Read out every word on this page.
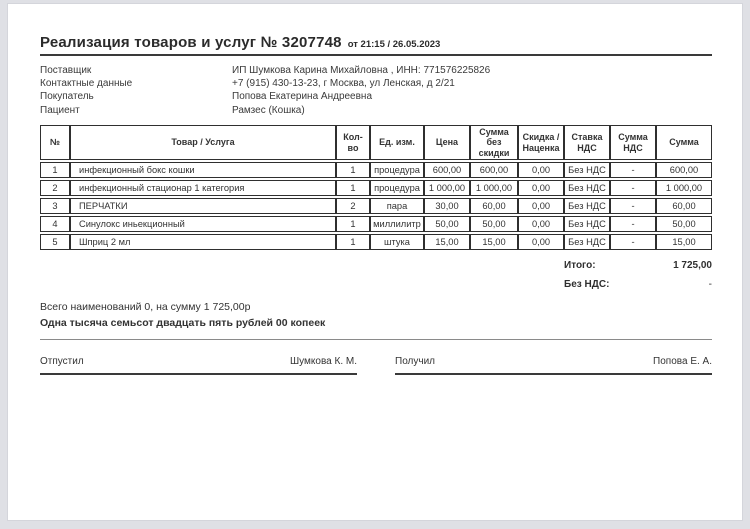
Реализация товаров и услуг № 3207748 от 21:15 / 26.05.2023
Поставщик	ИП Шумкова Карина Михайловна , ИНН: 771576225826
Контактные данные	+7 (915) 430-13-23, г Москва, ул Ленская, д 2/21
Покупатель	Попова Екатерина Андреевна
Пациент	Рамзес (Кошка)
№	Товар / Услуга	Кол-во	Ед. изм.	Цена	Сумма без скидки	Скидка / Наценка	Ставка НДС	Сумма НДС	Сумма
1	инфекционный бокс кошки	1	процедура	600,00	600,00	0,00	Без НДС	-	600,00
2	инфекционный стационар 1 категория	1	процедура	1 000,00	1 000,00	0,00	Без НДС	-	1 000,00
3	ПЕРЧАТКИ	2	пара	30,00	60,00	0,00	Без НДС	-	60,00
4	Синулокс иньекционный	1	миллилитр	50,00	50,00	0,00	Без НДС	-	50,00
5	Шприц 2 мл	1	штука	15,00	15,00	0,00	Без НДС	-	15,00
Итого:	1 725,00
Без НДС:	-

Всего наименований 0, на сумму 1 725,00р

Одна тысяча семьсот двадцать пять рублей 00 копеек

Отпустил	Шумкова К. М.	Получил	Попова Е. А.
